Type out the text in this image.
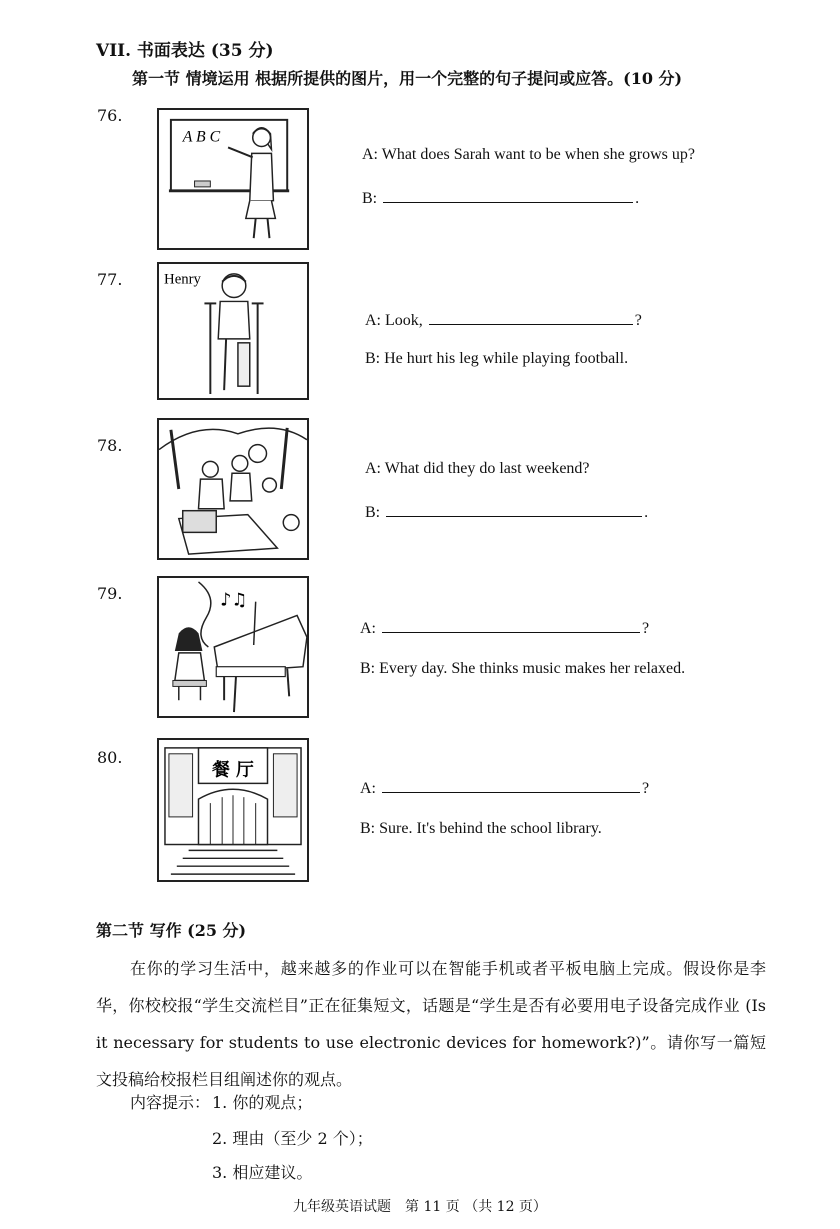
VII. 书面表达 (35 分)
第一节 情境运用 根据所提供的图片，用一个完整的句子提问或应答。(10 分)
76.
A B C
A: What does Sarah want to be when she grows up?
B:	.
77.	Henry
A: Look,	?
B: He hurt his leg while playing football.
78.
A: What did they do last weekend?
B:	.
79.	♪♫
A:	?
B: Every day. She thinks music makes her relaxed.
80.
餐 厅
A:	?
B: Sure. It's behind the school library.
第二节 写作 (25 分)
在你的学习生活中，越来越多的作业可以在智能手机或者平板电脑上完成。假设你是李华，你校校报“学生交流栏目”正在征集短文，话题是“学生是否有必要用电子设备完成作业 (Is it necessary for students to use electronic devices for homework?)”。请你写一篇短文投稿给校报栏目组阐述你的观点。
内容提示： 1. 你的观点；
2. 理由（至少 2 个）；
3. 相应建议。
九年级英语试题　第 11 页 （共 12 页）
